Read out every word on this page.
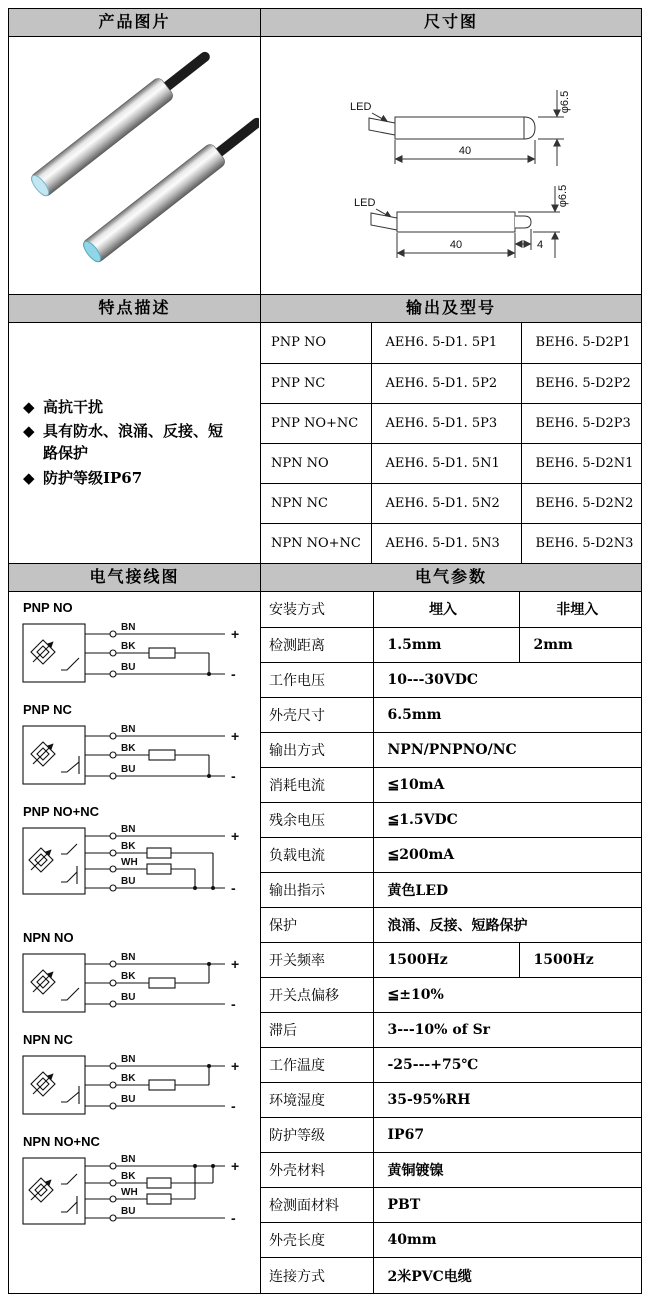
产品图片	尺寸图

LED
40
φ6.5
LED
40	4
φ6.5

特点描述	输出及型号

◆ 高抗干扰
◆ 具有防水、浪涌、反接、短路保护
◆ 防护等级IP67

PNP NO	AEH6. 5-D1. 5P1	BEH6. 5-D2P1
PNP NC	AEH6. 5-D1. 5P2	BEH6. 5-D2P2
PNP NO+NC	AEH6. 5-D1. 5P3	BEH6. 5-D2P3
NPN NO	AEH6. 5-D1. 5N1	BEH6. 5-D2N1
NPN NC	AEH6. 5-D1. 5N2	BEH6. 5-D2N2
NPN NO+NC	AEH6. 5-D1. 5N3	BEH6. 5-D2N3

电气接线图	电气参数

PNP NO
BN
BK
BU
+
-
PNP NC
BN
BK
BU
+
-
PNP NO+NC
BN
BK
WH
BU
+
-
NPN NO
BN
BK
BU
+
-
NPN NC
BN
BK
BU
+
-
NPN NO+NC
BN
BK
WH
BU
+
-

安装方式	埋入	非埋入
检测距离	1.5mm	2mm
工作电压	10---30VDC
外壳尺寸	6.5mm
输出方式	NPN/PNPNO/NC
消耗电流	≦10mA
残余电压	≦1.5VDC
负载电流	≦200mA
输出指示	黄色LED
保护	浪涌、反接、短路保护
开关频率	1500Hz	1500Hz
开关点偏移	≦±10%
滞后	3---10% of Sr
工作温度	-25---+75℃
环境湿度	35-95%RH
防护等级	IP67
外壳材料	黄铜镀镍
检测面材料	PBT
外壳长度	40mm
连接方式	2米PVC电缆
